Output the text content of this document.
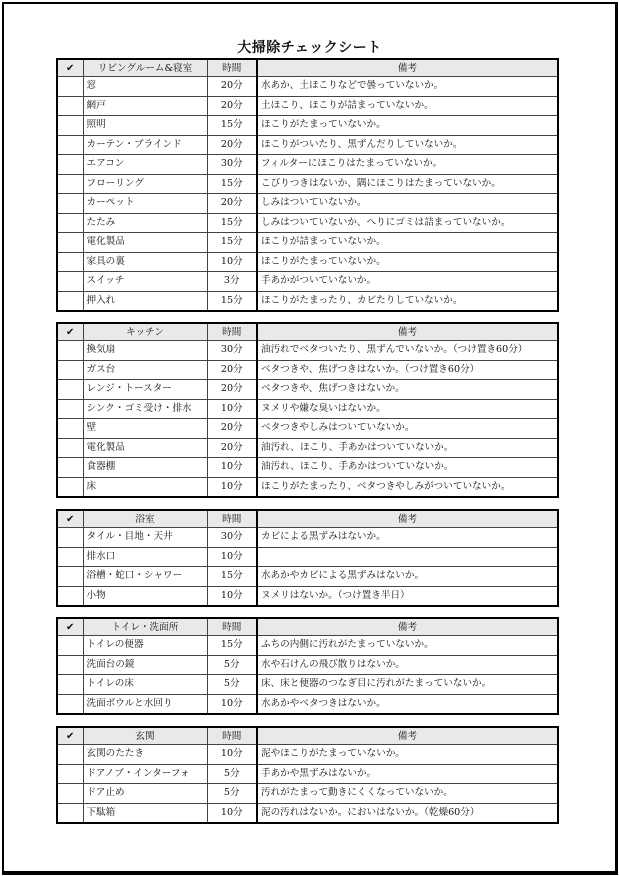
大掃除チェックシート
✔	リビングルーム&寝室	時間	備考
	窓	20分	水あか、土ほこりなどで曇っていないか。
	網戸	20分	土ほこり、ほこりが詰まっていないか。
	照明	15分	ほこりがたまっていないか。
	カーテン・ブラインド	20分	ほこりがついたり、黒ずんだりしていないか。
	エアコン	30分	フィルターにほこりはたまっていないか。
	フローリング	15分	こびりつきはないか、隅にほこりはたまっていないか。
	カーペット	20分	しみはついていないか。
	たたみ	15分	しみはついていないか、へりにゴミは詰まっていないか。
	電化製品	15分	ほこりが詰まっていないか。
	家具の裏	10分	ほこりがたまっていないか。
	スイッチ	3分	手あかがついていないか。
	押入れ	15分	ほこりがたまったり、カビたりしていないか。
✔	キッチン	時間	備考
	換気扇	30分	油汚れでベタついたり、黒ずんでいないか。（つけ置き60分）
	ガス台	20分	ベタつきや、焦げつきはないか。（つけ置き60分）
	レンジ・トースター	20分	ベタつきや、焦げつきはないか。
	シンク・ゴミ受け・排水	10分	ヌメリや嫌な臭いはないか。
	壁	20分	ベタつきやしみはついていないか。
	電化製品	20分	油汚れ、ほこり、手あかはついていないか。
	食器棚	10分	油汚れ、ほこり、手あかはついていないか。
	床	10分	ほこりがたまったり、ベタつきやしみがついていないか。
✔	浴室	時間	備考
	タイル・目地・天井	30分	カビによる黒ずみはないか。
	排水口	10分	
	浴槽・蛇口・シャワー	15分	水あかやカビによる黒ずみはないか。
	小物	10分	ヌメリはないか。（つけ置き半日）
✔	トイレ・洗面所	時間	備考
	トイレの便器	15分	ふちの内側に汚れがたまっていないか。
	洗面台の鏡	5分	水や石けんの飛び散りはないか。
	トイレの床	5分	床、床と便器のつなぎ目に汚れがたまっていないか。
	洗面ボウルと水回り	10分	水あかやベタつきはないか。
✔	玄関	時間	備考
	玄関のたたき	10分	泥やほこりがたまっていないか。
	ドアノブ・インターフォ	5分	手あかや黒ずみはないか。
	ドア止め	5分	汚れがたまって動きにくくなっていないか。
	下駄箱	10分	泥の汚れはないか。においはないか。（乾燥60分）
